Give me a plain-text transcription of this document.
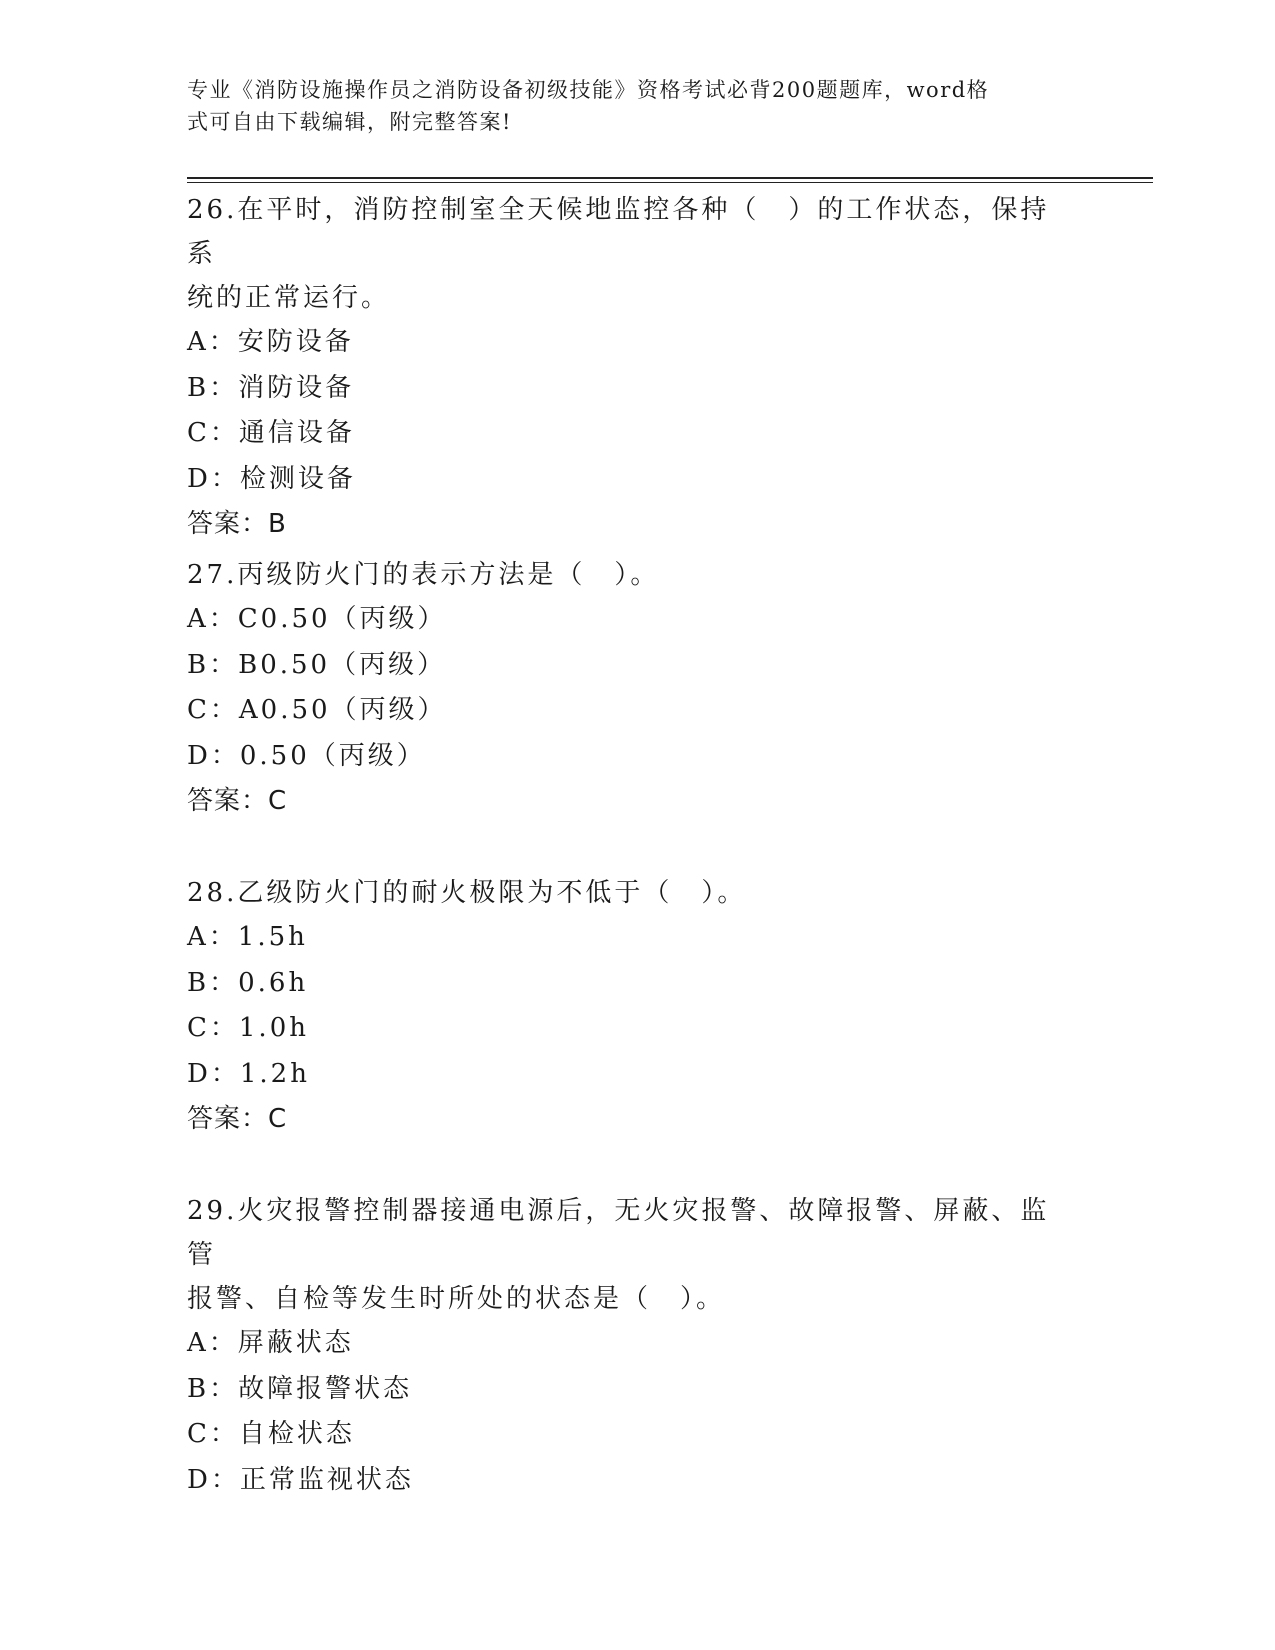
专业《消防设施操作员之消防设备初级技能》资格考试必背200题题库，word格
式可自由下载编辑，附完整答案!
26.在平时，消防控制室全天候地监控各种（　）的工作状态，保持系
统的正常运行。
A：安防设备
B：消防设备
C：通信设备
D：检测设备
答案：B
27.丙级防火门的表示方法是（　）。
A：C0.50（丙级）
B：B0.50（丙级）
C：A0.50（丙级）
D：0.50（丙级）
答案：C
28.乙级防火门的耐火极限为不低于（　）。
A：1.5h
B：0.6h
C：1.0h
D：1.2h
答案：C
29.火灾报警控制器接通电源后，无火灾报警、故障报警、屏蔽、监管
报警、自检等发生时所处的状态是（　）。
A：屏蔽状态
B：故障报警状态
C：自检状态
D：正常监视状态
